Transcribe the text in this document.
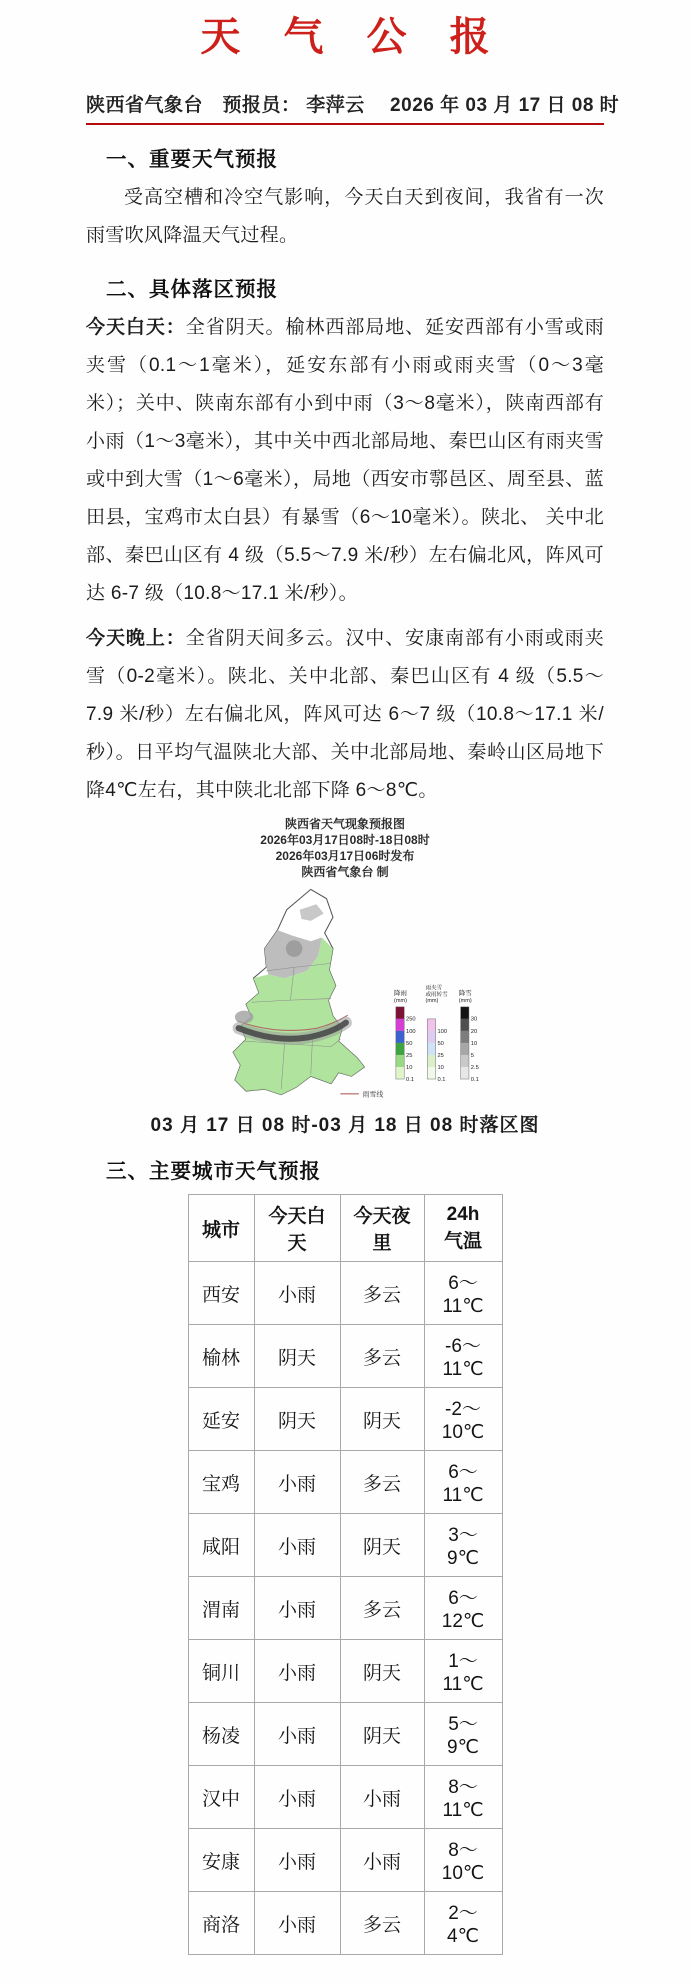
天 气 公 报
陕西省气象台　预报员： 李萍云　 2026 年 03 月 17 日 08 时
一、重要天气预报

受高空槽和冷空气影响，今天白天到夜间，我省有一次雨雪吹风降温天气过程。

二、具体落区预报

今天白天：全省阴天。榆林西部局地、延安西部有小雪或雨夹雪（0.1～1毫米），延安东部有小雨或雨夹雪（0～3毫米）；关中、陕南东部有小到中雨（3～8毫米），陕南西部有小雨（1～3毫米），其中关中西北部局地、秦巴山区有雨夹雪或中到大雪（1～6毫米），局地（西安市鄠邑区、周至县、蓝田县，宝鸡市太白县）有暴雪（6～10毫米）。陕北、 关中北部、秦巴山区有 4 级（5.5～7.9 米/秒）左右偏北风，阵风可达 6-7 级（10.8～17.1 米/秒）。

今天晚上：全省阴天间多云。汉中、安康南部有小雨或雨夹雪（0-2毫米）。陕北、关中北部、秦巴山区有 4 级（5.5～7.9 米/秒）左右偏北风，阵风可达 6～7 级（10.8～17.1 米/秒）。日平均气温陕北大部、关中北部局地、秦岭山区局地下降4℃左右，其中陕北北部下降 6～8℃。

陕西省天气现象预报图
2026年03月17日08时-18日08时
2026年03月17日06时发布
陕西省气象台 制
降雨
(mm)
250
100
50
25
10
0.1
雨夹雪
或雨转雪
(mm)
100
50
25
10
0.1
降雪
(mm)
30
20
10
5
2.5
0.1
雨雪线
03 月 17 日 08 时-03 月 18 日 08 时落区图
三、主要城市天气预报
城市	今天白天	今天夜里	24h 气温
西安	小雨	多云	6～11℃
榆林	阴天	多云	-6～11℃
延安	阴天	阴天	-2～10℃
宝鸡	小雨	多云	6～11℃
咸阳	小雨	阴天	3～9℃
渭南	小雨	多云	6～12℃
铜川	小雨	阴天	1～11℃
杨凌	小雨	阴天	5～9℃
汉中	小雨	小雨	8～11℃
安康	小雨	小雨	8～10℃
商洛	小雨	多云	2～4℃
